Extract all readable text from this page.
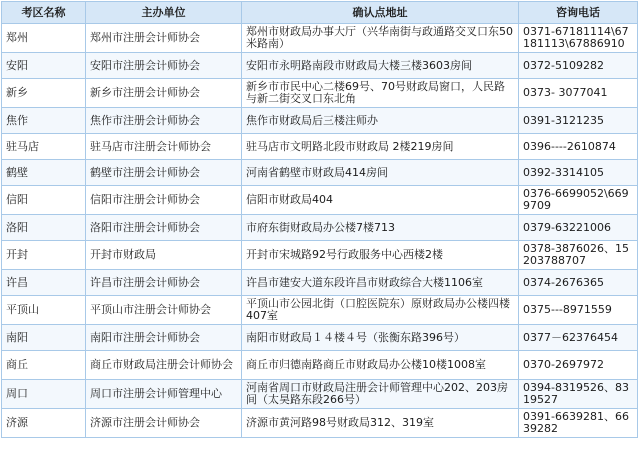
考区名称	主办单位	确认点地址	咨询电话
郑州	郑州市注册会计师协会	郑州市财政局办事大厅（兴华南街与政通路交叉口东50米路南）	0371-67181114\67181113\67886910
安阳	安阳市注册会计师协会	安阳市永明路南段市财政局大楼三楼3603房间	0372-5109282
新乡	新乡市注册会计师协会	新乡市市民中心二楼69号、70号财政局窗口，人民路与新二街交叉口东北角	0373- 3077041
焦作	焦作市注册会计师协会	焦作市财政局后三楼注师办	0391-3121235
驻马店	驻马店市注册会计师协会	驻马店市文明路北段市财政局 2楼219房间	0396----2610874
鹤壁	鹤壁市注册会计师协会	河南省鹤壁市财政局414房间	0392-3314105
信阳	信阳市注册会计师协会	信阳市财政局404	0376-6699052\6699709
洛阳	洛阳市注册会计师协会	市府东街财政局办公楼7楼713	0379-63221006
开封	开封市财政局	开封市宋城路92号行政服务中心西楼2楼	0378-3876026、15203788707
许昌	许昌市注册会计师协会	许昌市建安大道东段许昌市财政综合大楼1106室	0374-2676365
平顶山	平顶山市注册会计师协会	平顶山市公园北街（口腔医院东）原财政局办公楼四楼407室	0375---8971559
南阳	南阳市注册会计师协会	南阳市财政局１４楼４号（张衡东路396号）	0377－62376454
商丘	商丘市财政局注册会计师协会	商丘市归德南路商丘市财政局办公楼10楼1008室	0370-2697972
周口	周口市注册会计师管理中心	河南省周口市财政局注册会计师管理中心202、203房间（太昊路东段266号）	0394-8319526、8319527
济源	济源市注册会计师协会	济源市黄河路98号财政局312、319室	0391-6639281、6639282
